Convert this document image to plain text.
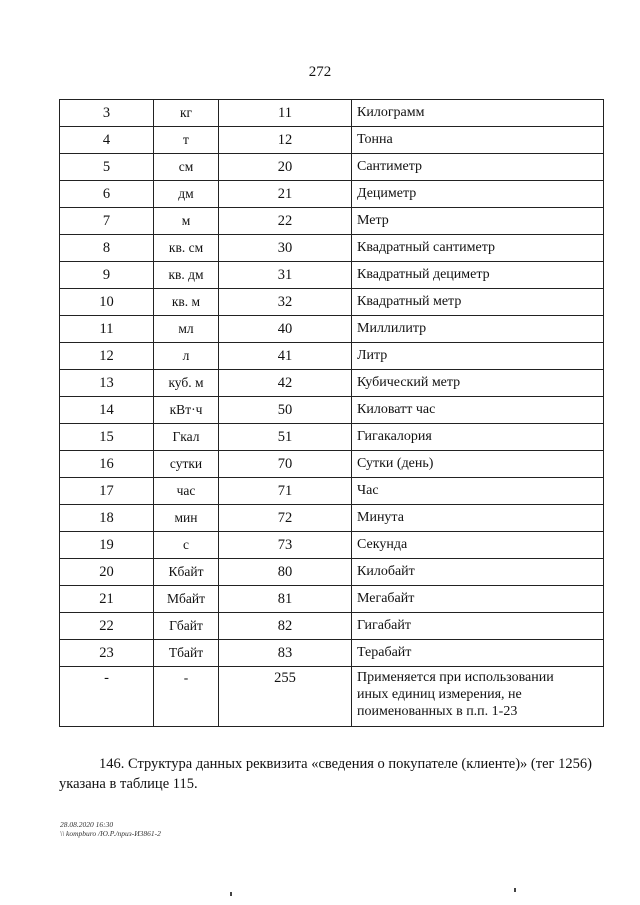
272
3	кг	11	Килограмм
4	т	12	Тонна
5	см	20	Сантиметр
6	дм	21	Дециметр
7	м	22	Метр
8	кв. см	30	Квадратный сантиметр
9	кв. дм	31	Квадратный дециметр
10	кв. м	32	Квадратный метр
11	мл	40	Миллилитр
12	л	41	Литр
13	куб. м	42	Кубический метр
14	кВт·ч	50	Киловатт час
15	Гкал	51	Гигакалория
16	сутки	70	Сутки (день)
17	час	71	Час
18	мин	72	Минута
19	с	73	Секунда
20	Кбайт	80	Килобайт
21	Мбайт	81	Мегабайт
22	Гбайт	82	Гигабайт
23	Тбайт	83	Терабайт
-	-	255	Применяется при использовании
иных единиц измерения, не
поименованных в п.п. 1-23
146. Структура данных реквизита «сведения о покупателе (клиенте)» (тег 1256)
указана в таблице 115.
28.08.2020 16:30
\\ kompburo /Ю.Р./приз-И3861-2
